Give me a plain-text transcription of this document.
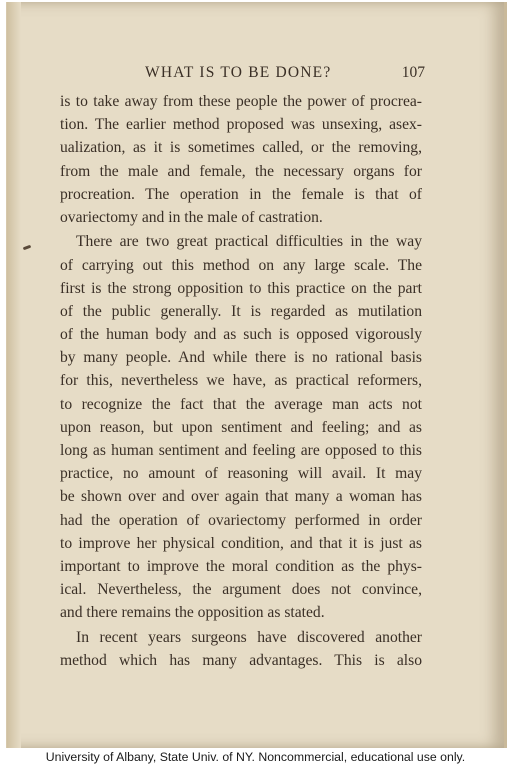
WHAT IS TO BE DONE?	107
is to take away from these people the power of procrea-
tion. The earlier method proposed was unsexing, asex-
ualization, as it is sometimes called, or the removing,
from the male and female, the necessary organs for
procreation. The operation in the female is that of
ovariectomy and in the male of castration.
There are two great practical difficulties in the way
of carrying out this method on any large scale. The
first is the strong opposition to this practice on the part
of the public generally. It is regarded as mutilation
of the human body and as such is opposed vigorously
by many people. And while there is no rational basis
for this, nevertheless we have, as practical reformers,
to recognize the fact that the average man acts not
upon reason, but upon sentiment and feeling; and as
long as human sentiment and feeling are opposed to this
practice, no amount of reasoning will avail. It may
be shown over and over again that many a woman has
had the operation of ovariectomy performed in order
to improve her physical condition, and that it is just as
important to improve the moral condition as the phys-
ical. Nevertheless, the argument does not convince,
and there remains the opposition as stated.
In recent years surgeons have discovered another
method which has many advantages. This is also
University of Albany, State Univ. of NY. Noncommercial, educational use only.
